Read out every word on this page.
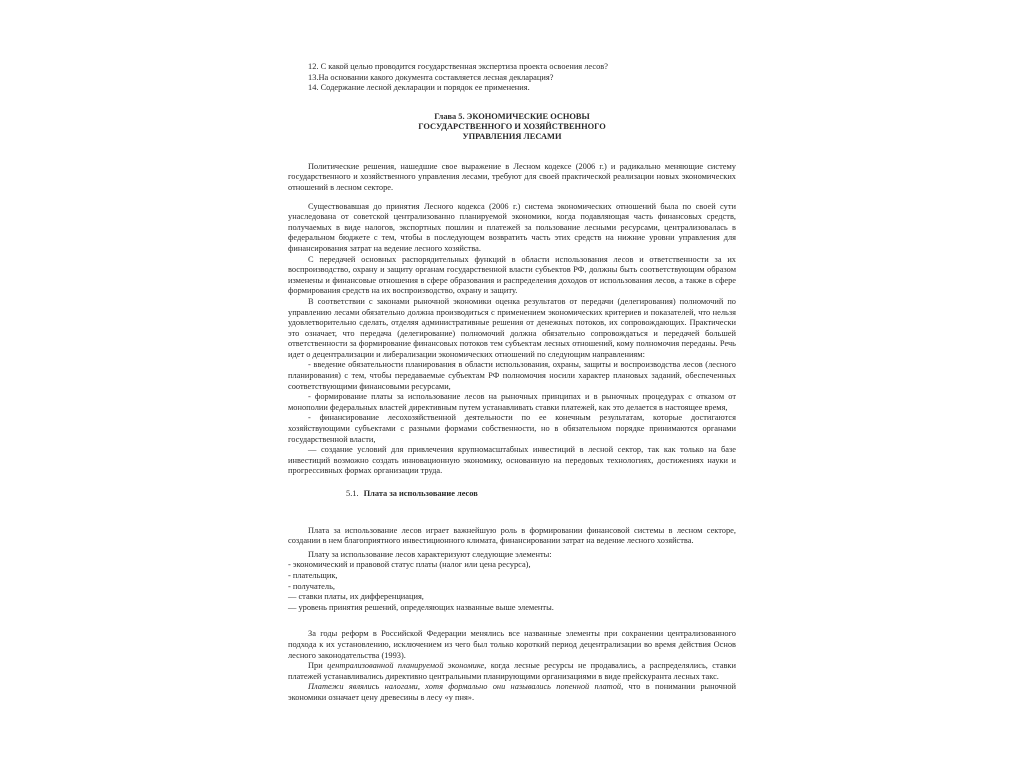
12. С какой целью проводится государственная экспертиза проекта освоения лесов?

13.На основании какого документа составляется лесная декларация?

14. Содержание лесной декларации и порядок ее применения.

Глава 5. ЭКОНОМИЧЕСКИЕ ОСНОВЫ
ГОСУДАРСТВЕННОГО И ХОЗЯЙСТВЕННОГО
УПРАВЛЕНИЯ ЛЕСАМИ

Политические решения, нашедшие свое выражение в Лесном кодексе (2006 г.) и радикально меняющие систему государственного и хозяйственного управления лесами, требуют для своей практической реализации новых экономических отношений в лесном секторе.

Существовавшая до принятия Лесного кодекса (2006 г.) система экономических отношений была по своей сути унаследована от советской централизованно планируемой экономики, когда подавляющая часть финансовых средств, получаемых в виде налогов, экспортных пошлин и платежей за пользование лесными ресурсами, централизовалась в федеральном бюджете с тем, чтобы в последующем возвратить часть этих средств на нижние уровни управления для финансирования затрат на ведение лесного хозяйства.

С передачей основных распорядительных функций в области использования лесов и ответственности за их воспроизводство, охрану и защиту органам государственной власти субъектов РФ, должны быть соответствующим образом изменены и финансовые отношения в сфере образования и распределения доходов от использования лесов, а также в сфере формирования средств на их воспроизводство, охрану и защиту.

В соответствии с законами рыночной экономики оценка результатов от передачи (делегирования) полномочий по управлению лесами обязательно должна производиться с применением экономических критериев и показателей, что нельзя удовлетворительно сделать, отделяя административные решения от денежных потоков, их сопровождающих. Практически это означает, что передача (делегирование) полномочий должна обязательно сопровождаться и передачей большей ответственности за формирование финансовых потоков тем субъектам лесных отношений, кому полномочия переданы. Речь идет о децентрализации и либерализации экономических отношений по следующим направлениям:

- введение обязательности планирования в области использования, охраны, защиты и воспроизводства лесов (лесного планирования) с тем, чтобы передаваемые субъектам РФ полномочия носили характер плановых заданий, обеспеченных соответствующими финансовыми ресурсами,

- формирование платы за использование лесов на рыночных принципах и в рыночных процедурах с отказом от монополии федеральных властей директивным путем устанавливать ставки платежей, как это делается в настоящее время,

- финансирование лесохозяйственной деятельности по ее конечным результатам, которые достигаются хозяйствующими субъектами с разными формами собственности, но в обязательном порядке принимаются органами государственной власти,

— создание условий для привлечения крупномасштабных инвестиций в лесной сектор, так как только на базе инвестиций возможно создать инновационную экономику, основанную на передовых технологиях, достижениях науки и прогрессивных формах организации труда.

5.1. Плата за использование лесов

Плата за использование лесов играет важнейшую роль в формировании финансовой системы в лесном секторе, создании в нем благоприятного инвестиционного климата, финансировании затрат на ведение лесного хозяйства.

Плату за использование лесов характеризуют следующие элементы:

- экономический и правовой статус платы (налог или цена ресурса),

- плательщик,

- получатель,

— ставки платы, их дифференциация,

— уровень принятия решений, определяющих названные выше элементы.

За годы реформ в Российской Федерации менялись все названные элементы при сохранении централизованного подхода к их установлению, исключением из чего был только короткий период децентрализации во время действия Основ лесного законодательства (1993).

При централизованной планируемой экономике, когда лесные ресурсы не продавались, а распределялись, ставки платежей устанавливались директивно центральными планирующими организациями в виде прейскуранта лесных такс.

Платежи являлись налогами, хотя формально они назывались попенной платой, что в понимании рыночной экономики означает цену древесины в лесу «у пня».
